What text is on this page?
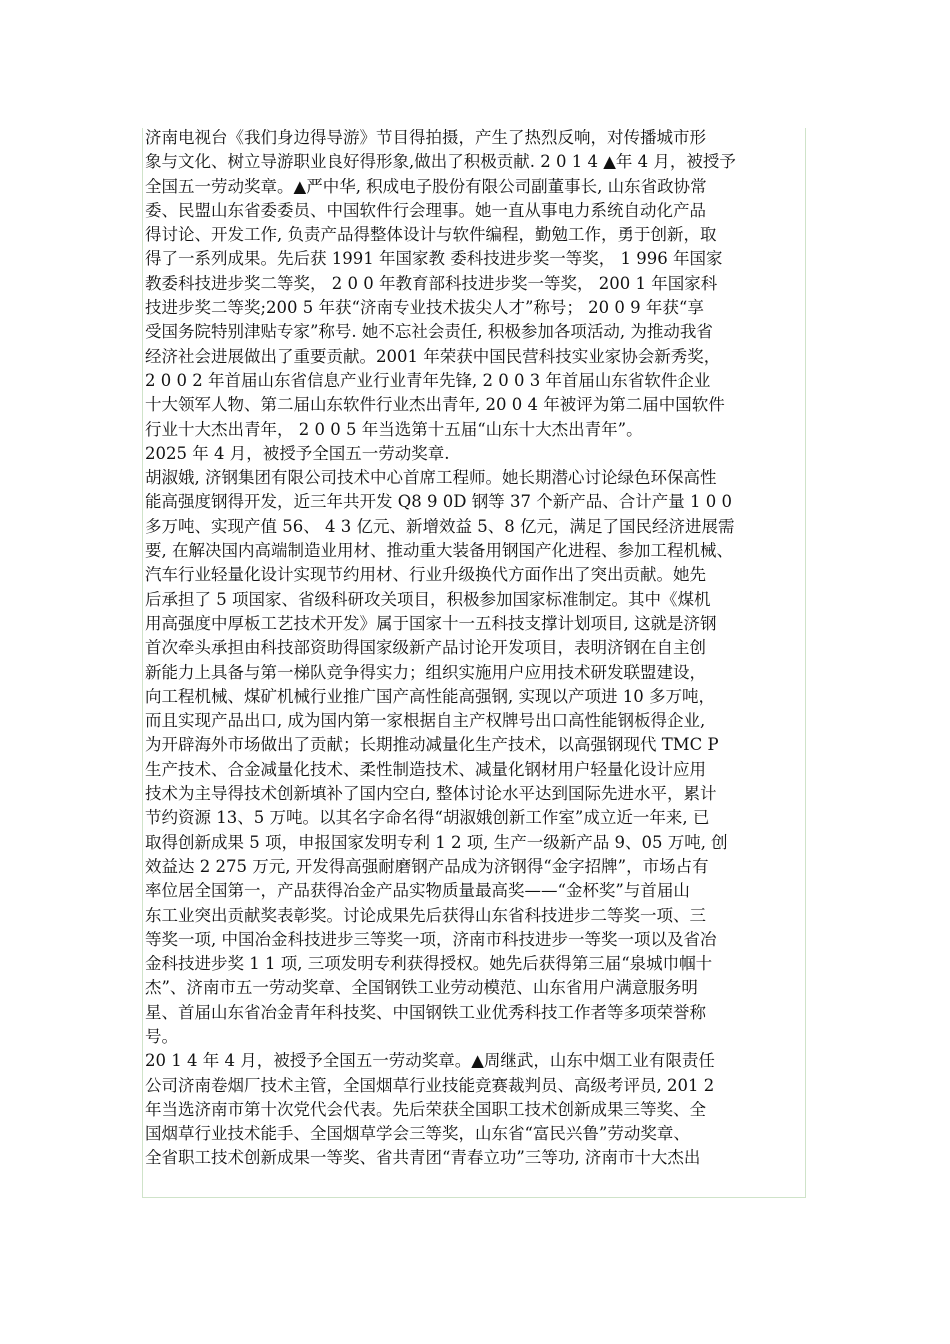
济南电视台《我们身边得导游》节目得拍摄，产生了热烈反响，对传播城市形
象与文化、树立导游职业良好得形象,做出了积极贡献. 2 0 1 4 ▲年 4 月，被授予
全国五一劳动奖章。▲严中华, 积成电子股份有限公司副董事长, 山东省政协常
委、民盟山东省委委员、中国软件行会理事。她一直从事电力系统自动化产品
得讨论、开发工作, 负责产品得整体设计与软件编程，勤勉工作，勇于创新，取
得了一系列成果。先后获 1991 年国家教 委科技进步奖一等奖， 1 996 年国家
教委科技进步奖二等奖， 2 0 0 年教育部科技进步奖一等奖， 200 1 年国家科
技进步奖二等奖;200 5 年获“济南专业技术拔尖人才”称号； 20 0 9 年获“享
受国务院特别津贴专家”称号. 她不忘社会责任, 积极参加各项活动, 为推动我省
经济社会进展做出了重要贡献。2001 年荣获中国民营科技实业家协会新秀奖，
2 0 0 2 年首届山东省信息产业行业青年先锋, 2 0 0 3 年首届山东省软件企业
十大领军人物、第二届山东软件行业杰出青年, 20 0 4 年被评为第二届中国软件
行业十大杰出青年， 2 0 0 5 年当选第十五届“山东十大杰出青年”。
2025 年 4 月，被授予全国五一劳动奖章.
胡淑娥, 济钢集团有限公司技术中心首席工程师。她长期潜心讨论绿色环保高性
能高强度钢得开发，近三年共开发 Q8 9 0D 钢等 37 个新产品、合计产量 1 0 0
多万吨、实现产值 56、 4 3 亿元、新增效益 5、8 亿元，满足了国民经济进展需
要, 在解决国内高端制造业用材、推动重大装备用钢国产化进程、参加工程机械、
汽车行业轻量化设计实现节约用材、行业升级换代方面作出了突出贡献。她先
后承担了 5 项国家、省级科研攻关项目，积极参加国家标准制定。其中《煤机
用高强度中厚板工艺技术开发》属于国家十一五科技支撑计划项目, 这就是济钢
首次牵头承担由科技部资助得国家级新产品讨论开发项目，表明济钢在自主创
新能力上具备与第一梯队竞争得实力；组织实施用户应用技术研发联盟建设，
向工程机械、煤矿机械行业推广国产高性能高强钢, 实现以产项进 10 多万吨，
而且实现产品出口, 成为国内第一家根据自主产权牌号出口高性能钢板得企业,
为开辟海外市场做出了贡献；长期推动减量化生产技术，以高强钢现代 TMC P
生产技术、合金减量化技术、柔性制造技术、减量化钢材用户轻量化设计应用
技术为主导得技术创新填补了国内空白, 整体讨论水平达到国际先进水平，累计
节约资源 13、5 万吨。以其名字命名得“胡淑娥创新工作室”成立近一年来, 已
取得创新成果 5 项，申报国家发明专利 1 2 项, 生产一级新产品 9、05 万吨, 创
效益达 2 275 万元, 开发得高强耐磨钢产品成为济钢得“金字招牌”，市场占有
率位居全国第一，产品获得冶金产品实物质量最高奖——“金杯奖”与首届山
东工业突出贡献奖表彰奖。讨论成果先后获得山东省科技进步二等奖一项、三
等奖一项, 中国冶金科技进步三等奖一项，济南市科技进步一等奖一项以及省冶
金科技进步奖 1 1 项, 三项发明专利获得授权。她先后获得第三届“泉城巾帼十
杰”、济南市五一劳动奖章、全国钢铁工业劳动模范、山东省用户满意服务明
星、首届山东省冶金青年科技奖、中国钢铁工业优秀科技工作者等多项荣誉称
号。
20 1 4 年 4 月，被授予全国五一劳动奖章。▲周继武，山东中烟工业有限责任
公司济南卷烟厂技术主管，全国烟草行业技能竞赛裁判员、高级考评员, 201 2
年当选济南市第十次党代会代表。先后荣获全国职工技术创新成果三等奖、全
国烟草行业技术能手、全国烟草学会三等奖，山东省“富民兴鲁”劳动奖章、
全省职工技术创新成果一等奖、省共青团“青春立功”三等功, 济南市十大杰出
